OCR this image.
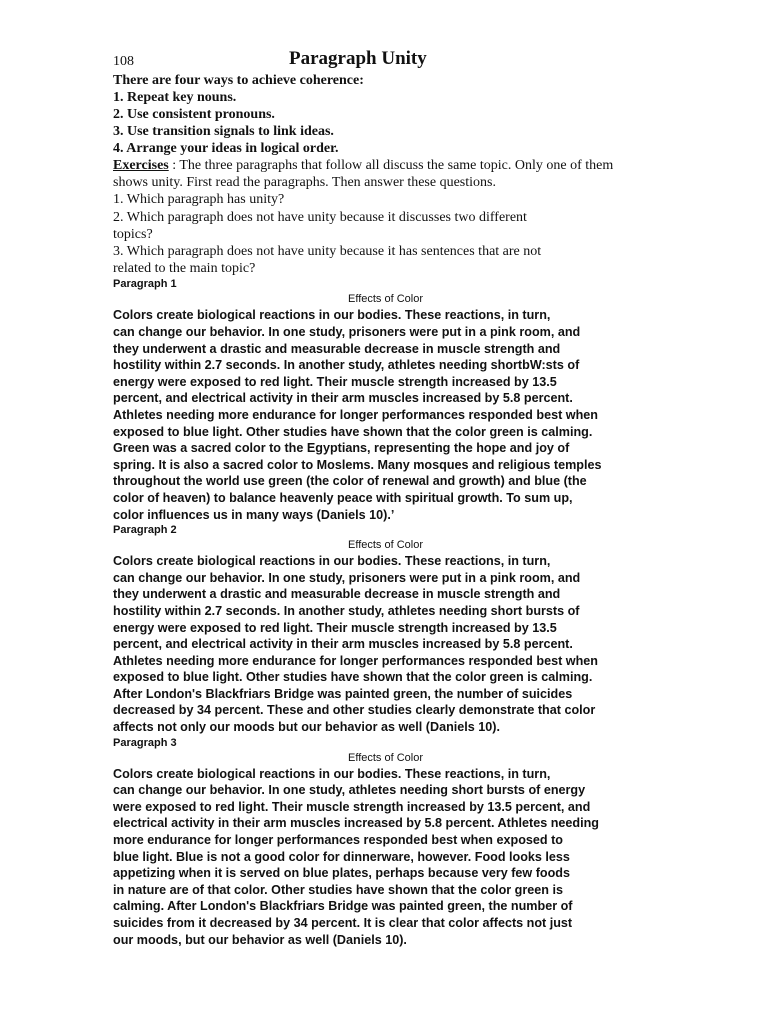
108	Paragraph Unity
There are four ways to achieve coherence:
1. Repeat key nouns.
2. Use consistent pronouns.
3. Use transition signals to link ideas.
4. Arrange your ideas in logical order.
Exercises : The three paragraphs that follow all discuss the same topic. Only one of them
shows unity. First read the paragraphs. Then answer these questions.
1. Which paragraph has unity?
2. Which paragraph does not have unity because it discusses two different
topics?
3. Which paragraph does not have unity because it has sentences that are not
related to the main topic?
Paragraph 1
Effects of Color
Colors create biological reactions in our bodies. These reactions, in turn,
can change our behavior. In one study, prisoners were put in a pink room, and
they underwent a drastic and measurable decrease in muscle strength and
hostility within 2.7 seconds. In another study, athletes needing shortbW:sts of
energy were exposed to red light. Their muscle strength increased by 13.5
percent, and electrical activity in their arm muscles increased by 5.8 percent.
Athletes needing more endurance for longer performances responded best when
exposed to blue light. Other studies have shown that the color green is calming.
Green was a sacred color to the Egyptians, representing the hope and joy of
spring. It is also a sacred color to Moslems. Many mosques and religious temples
throughout the world use green (the color of renewal and growth) and blue (the
color of heaven) to balance heavenly peace with spiritual growth. To sum up,
color influences us in many ways (Daniels 10).’
Paragraph 2
Effects of Color
Colors create biological reactions in our bodies. These reactions, in turn,
can change our behavior. In one study, prisoners were put in a pink room, and
they underwent a drastic and measurable decrease in muscle strength and
hostility within 2.7 seconds. In another study, athletes needing short bursts of
energy were exposed to red light. Their muscle strength increased by 13.5
percent, and electrical activity in their arm muscles increased by 5.8 percent.
Athletes needing more endurance for longer performances responded best when
exposed to blue light. Other studies have shown that the color green is calming.
After London's Blackfriars Bridge was painted green, the number of suicides
decreased by 34 percent. These and other studies clearly demonstrate that color
affects not only our moods but our behavior as well (Daniels 10).
Paragraph 3
Effects of Color
Colors create biological reactions in our bodies. These reactions, in turn,
can change our behavior. In one study, athletes needing short bursts of energy
were exposed to red light. Their muscle strength increased by 13.5 percent, and
electrical activity in their arm muscles increased by 5.8 percent. Athletes needing
more endurance for longer performances responded best when exposed to
blue light. Blue is not a good color for dinnerware, however. Food looks less
appetizing when it is served on blue plates, perhaps because very few foods
in nature are of that color. Other studies have shown that the color green is
calming. After London's Blackfriars Bridge was painted green, the number of
suicides from it decreased by 34 percent. It is clear that color affects not just
our moods, but our behavior as well (Daniels 10).
